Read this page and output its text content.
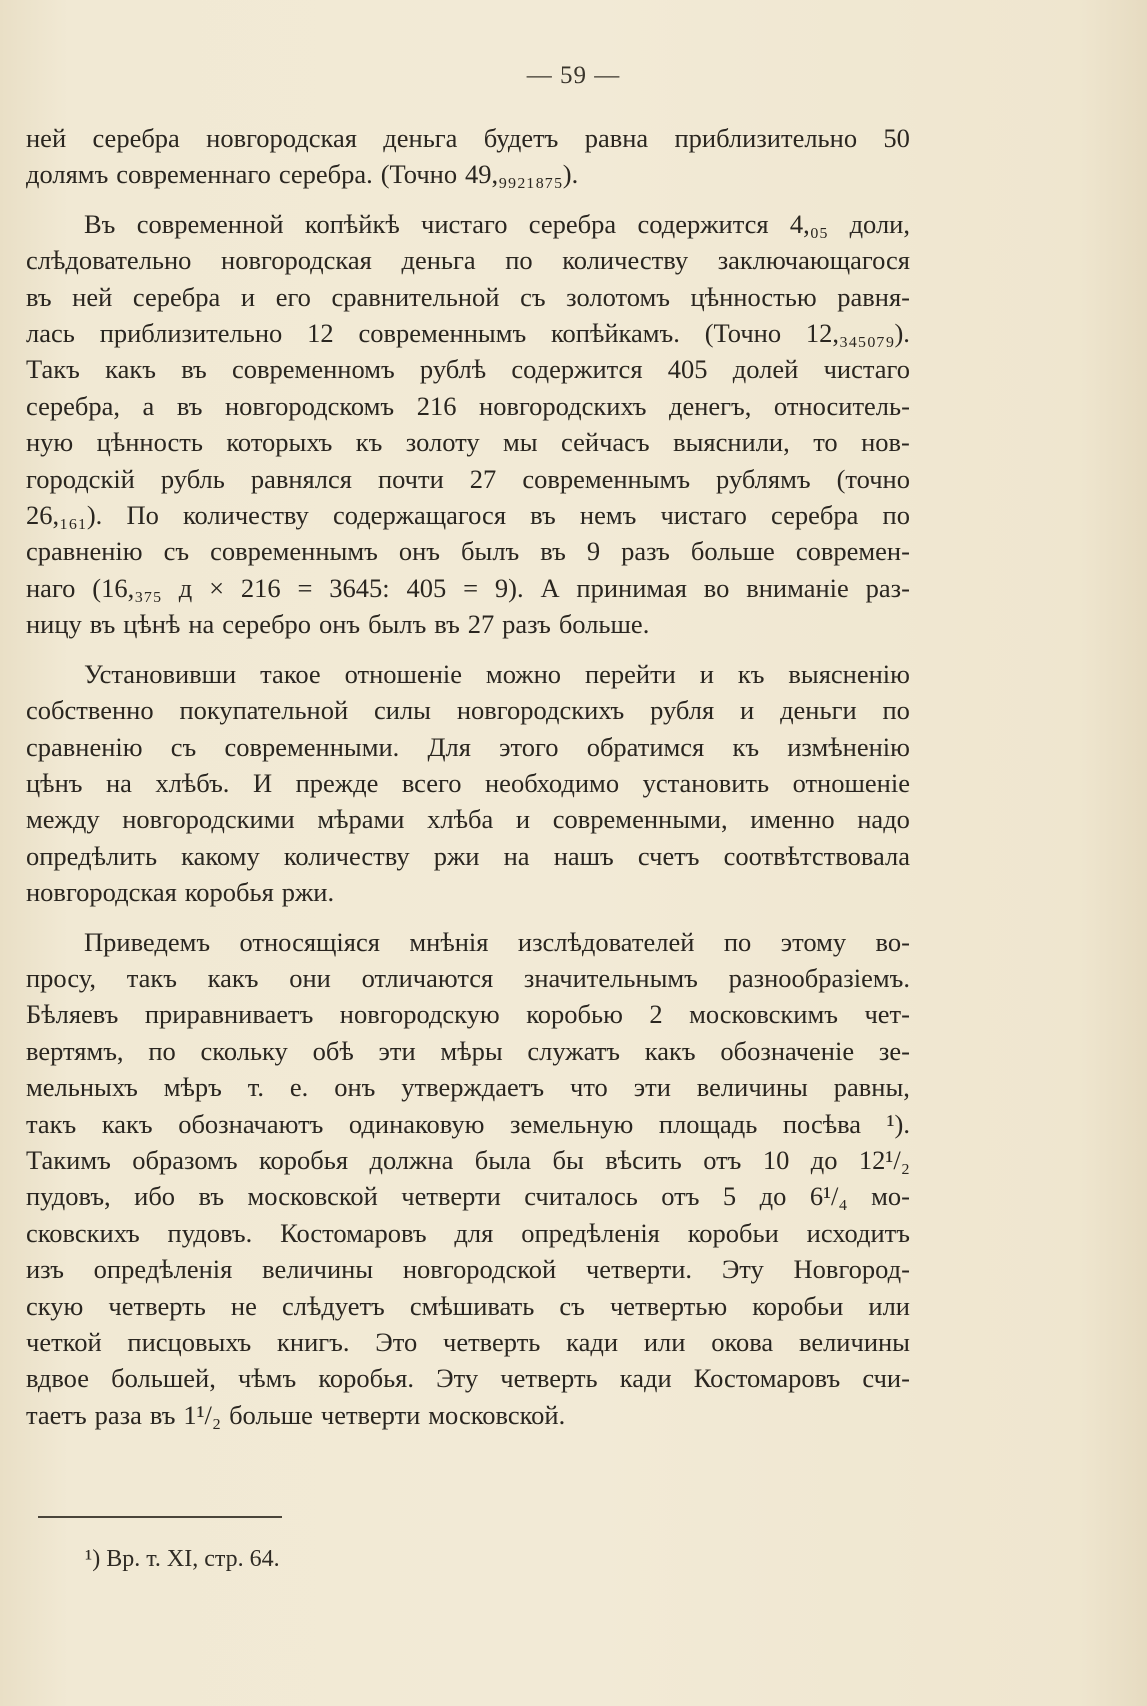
— 59 —
ней серебра новгородская деньга будетъ равна приблизительно 50
долямъ современнаго серебра. (Точно 49,₉₉₂₁₈₇₅).
Въ современной копѣйкѣ чистаго серебра содержится 4,₀₅ доли,
слѣдовательно новгородская деньга по количеству заключающагося
въ ней серебра и его сравнительной съ золотомъ цѣнностью равня-
лась приблизительно 12 современнымъ копѣйкамъ. (Точно 12,₃₄₅₀₇₉).
Такъ какъ въ современномъ рублѣ содержится 405 долей чистаго
серебра, а въ новгородскомъ 216 новгородскихъ денегъ, относитель-
ную цѣнность которыхъ къ золоту мы сейчасъ выяснили, то нов-
городскій рубль равнялся почти 27 современнымъ рублямъ (точно
26,₁₆₁). По количеству содержащагося въ немъ чистаго серебра по
сравненію съ современнымъ онъ былъ въ 9 разъ больше современ-
наго (16,₃₇₅ д × 216 = 3645: 405 = 9). А принимая во вниманіе раз-
ницу въ цѣнѣ на серебро онъ былъ въ 27 разъ больше.
Установивши такое отношеніе можно перейти и къ выясненію
собственно покупательной силы новгородскихъ рубля и деньги по
сравненію съ современными. Для этого обратимся къ измѣненію
цѣнъ на хлѣбъ. И прежде всего необходимо установить отношеніе
между новгородскими мѣрами хлѣба и современными, именно надо
опредѣлить какому количеству ржи на нашъ счетъ соотвѣтствовала
новгородская коробья ржи.
Приведемъ относящіяся мнѣнія изслѣдователей по этому во-
просу, такъ какъ они отличаются значительнымъ разнообразіемъ.
Бѣляевъ приравниваетъ новгородскую коробью 2 московскимъ чет-
вертямъ, по скольку обѣ эти мѣры служатъ какъ обозначеніе зе-
мельныхъ мѣръ т. е. онъ утверждаетъ что эти величины равны,
такъ какъ обозначаютъ одинаковую земельную площадь посѣва ¹).
Такимъ образомъ коробья должна была бы вѣсить отъ 10 до 12¹/₂
пудовъ, ибо въ московской четверти считалось отъ 5 до 6¹/₄ мо-
сковскихъ пудовъ. Костомаровъ для опредѣленія коробьи исходитъ
изъ опредѣленія величины новгородской четверти. Эту Новгород-
скую четверть не слѣдуетъ смѣшивать съ четвертью коробьи или
четкой писцовыхъ книгъ. Это четверть кади или окова величины
вдвое большей, чѣмъ коробья. Эту четверть кади Костомаровъ счи-
таетъ раза въ 1¹/₂ больше четверти московской.
¹) Вр. т. XI, стр. 64.
